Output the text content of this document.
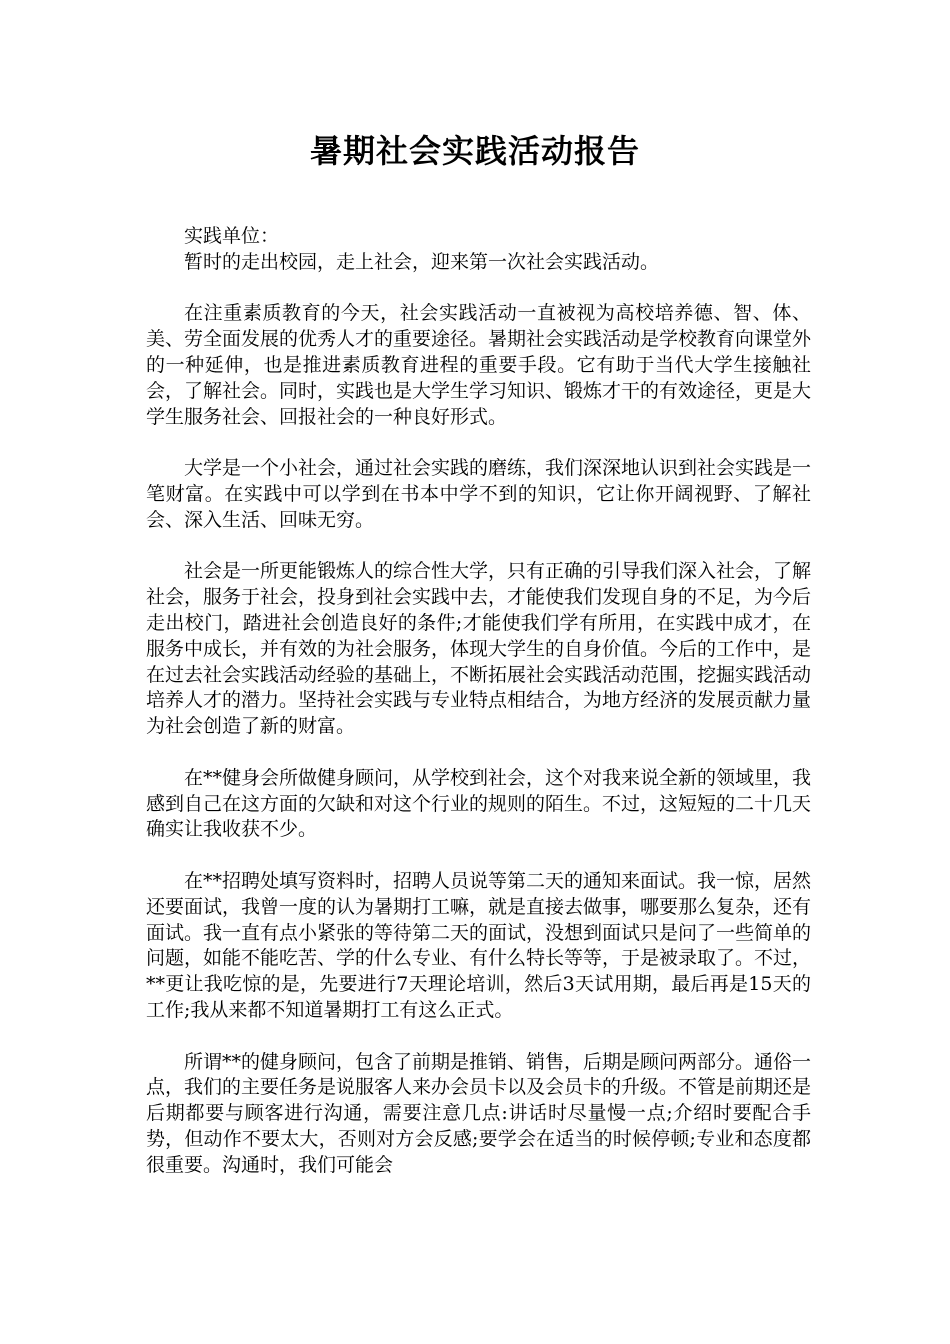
暑期社会实践活动报告

实践单位：

暂时的走出校园，走上社会，迎来第一次社会实践活动。

在注重素质教育的今天，社会实践活动一直被视为高校培养德、智、体、美、劳全面发展的优秀人才的重要途径。暑期社会实践活动是学校教育向课堂外的一种延伸，也是推进素质教育进程的重要手段。它有助于当代大学生接触社会，了解社会。同时，实践也是大学生学习知识、锻炼才干的有效途径，更是大学生服务社会、回报社会的一种良好形式。

大学是一个小社会，通过社会实践的磨练，我们深深地认识到社会实践是一笔财富。在实践中可以学到在书本中学不到的知识，它让你开阔视野、了解社会、深入生活、回味无穷。

社会是一所更能锻炼人的综合性大学，只有正确的引导我们深入社会，了解社会，服务于社会，投身到社会实践中去，才能使我们发现自身的不足，为今后走出校门，踏进社会创造良好的条件;才能使我们学有所用，在实践中成才，在服务中成长，并有效的为社会服务，体现大学生的自身价值。今后的工作中，是在过去社会实践活动经验的基础上，不断拓展社会实践活动范围，挖掘实践活动培养人才的潜力。坚持社会实践与专业特点相结合，为地方经济的发展贡献力量为社会创造了新的财富。

在**健身会所做健身顾问，从学校到社会，这个对我来说全新的领域里，我感到自己在这方面的欠缺和对这个行业的规则的陌生。不过，这短短的二十几天确实让我收获不少。

在**招聘处填写资料时，招聘人员说等第二天的通知来面试。我一惊，居然还要面试，我曾一度的认为暑期打工嘛，就是直接去做事，哪要那么复杂，还有面试。我一直有点小紧张的等待第二天的面试，没想到面试只是问了一些简单的问题，如能不能吃苦、学的什么专业、有什么特长等等，于是被录取了。不过，**更让我吃惊的是，先要进行7天理论培训，然后3天试用期，最后再是15天的工作;我从来都不知道暑期打工有这么正式。

所谓**的健身顾问，包含了前期是推销、销售，后期是顾问两部分。通俗一点，我们的主要任务是说服客人来办会员卡以及会员卡的升级。不管是前期还是后期都要与顾客进行沟通，需要注意几点:讲话时尽量慢一点;介绍时要配合手势，但动作不要太大，否则对方会反感;要学会在适当的时候停顿;专业和态度都很重要。沟通时，我们可能会
